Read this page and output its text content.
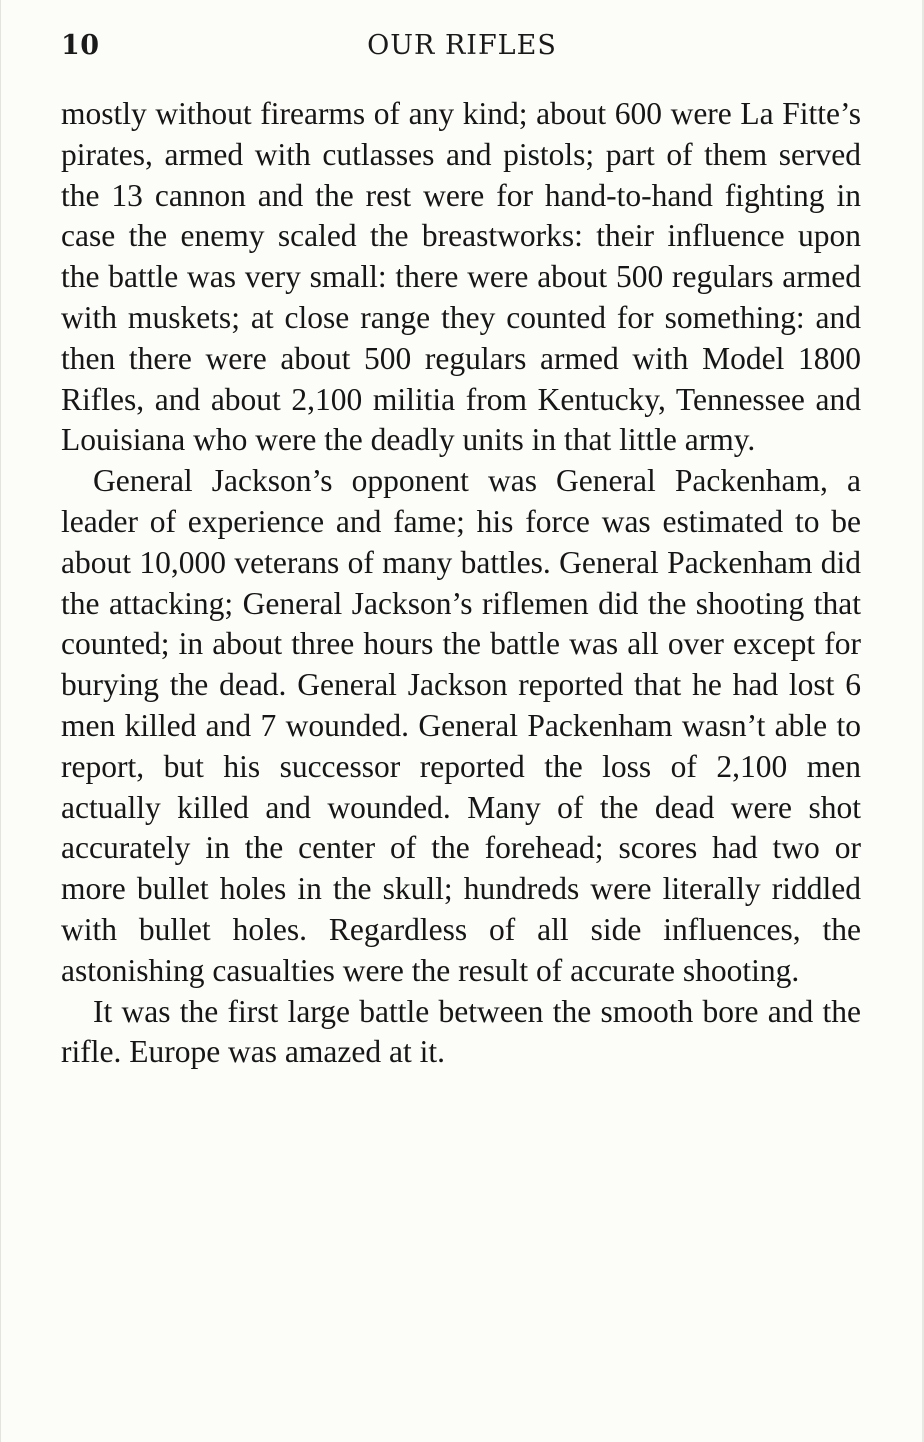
10	OUR RIFLES

mostly without firearms of any kind; about 600 were La Fitte’s pirates, armed with cutlasses and pistols; part of them served the 13 cannon and the rest were for hand-to-hand fighting in case the enemy scaled the breastworks: their influence upon the battle was very small: there were about 500 regulars armed with muskets; at close range they counted for something: and then there were about 500 regulars armed with Model 1800 Rifles, and about 2,100 militia from Kentucky, Tennessee and Louisiana who were the deadly units in that little army.

General Jackson’s opponent was General Packenham, a leader of experience and fame; his force was estimated to be about 10,000 veterans of many battles. General Packenham did the attacking; General Jackson’s riflemen did the shooting that counted; in about three hours the battle was all over except for burying the dead. General Jackson reported that he had lost 6 men killed and 7 wounded. General Packenham wasn’t able to report, but his successor reported the loss of 2,100 men actually killed and wounded. Many of the dead were shot accurately in the center of the forehead; scores had two or more bullet holes in the skull; hundreds were literally riddled with bullet holes. Regardless of all side influences, the astonishing casualties were the result of accurate shooting.

It was the first large battle between the smooth bore and the rifle. Europe was amazed at it.
